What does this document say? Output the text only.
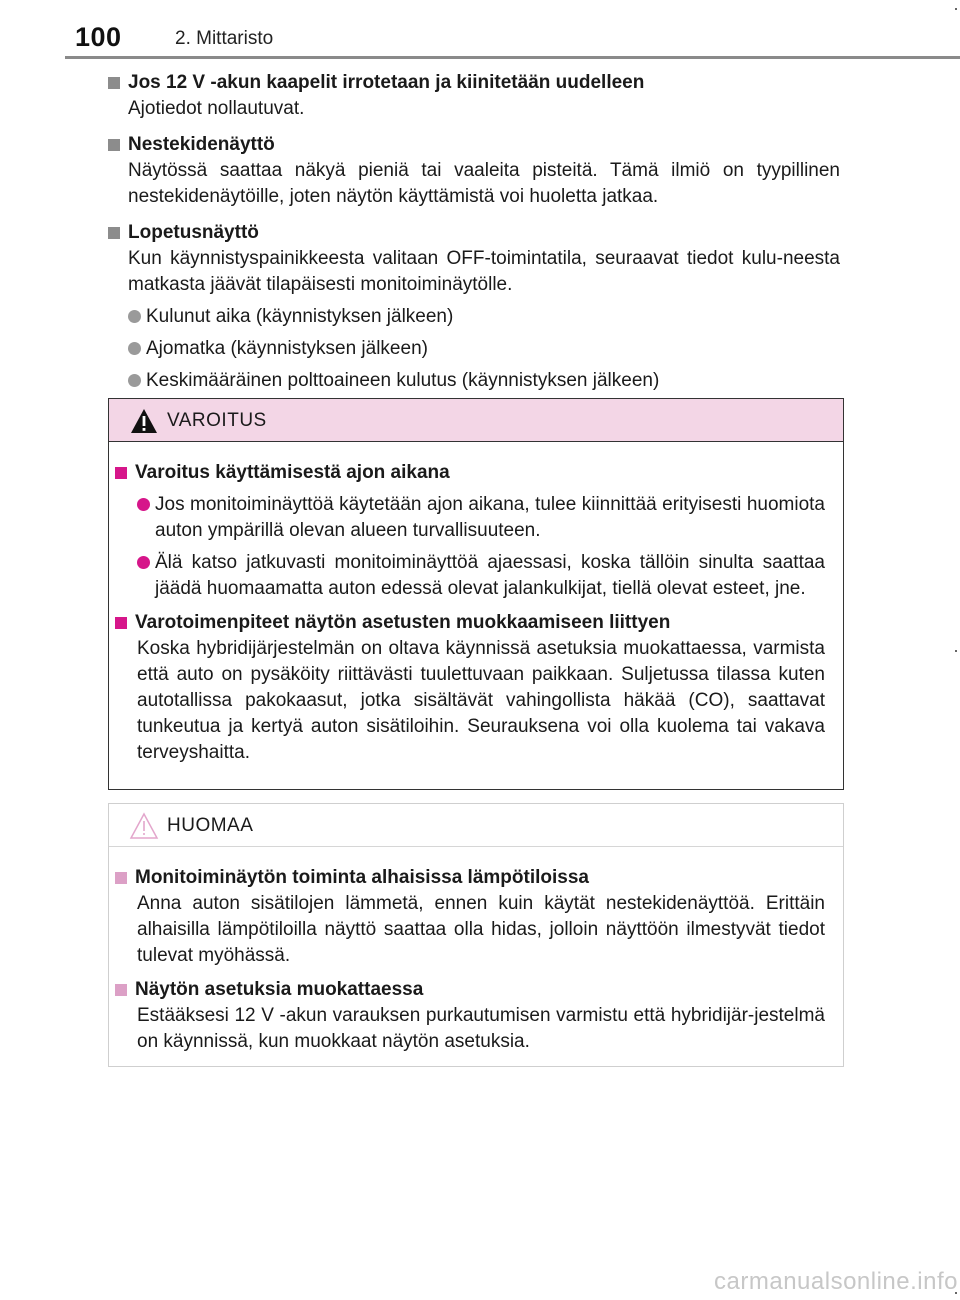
100	2. Mittaristo
Jos 12 V -akun kaapelit irrotetaan ja kiinitetään uudelleen
Ajotiedot nollautuvat.
Nestekidenäyttö
Näytössä saattaa näkyä pieniä tai vaaleita pisteitä. Tämä ilmiö on tyypillinen nestekidenäytöille, joten näytön käyttämistä voi huoletta jatkaa.
Lopetusnäyttö
Kun käynnistyspainikkeesta valitaan OFF-toimintatila, seuraavat tiedot kulu-neesta matkasta jäävät tilapäisesti monitoiminäytölle.
Kulunut aika (käynnistyksen jälkeen)
Ajomatka (käynnistyksen jälkeen)
Keskimääräinen polttoaineen kulutus (käynnistyksen jälkeen)
VAROITUS
Varoitus käyttämisestä ajon aikana
Jos monitoiminäyttöä käytetään ajon aikana, tulee kiinnittää erityisesti huomiota auton ympärillä olevan alueen turvallisuuteen.
Älä katso jatkuvasti monitoiminäyttöä ajaessasi, koska tällöin sinulta saattaa jäädä huomaamatta auton edessä olevat jalankulkijat, tiellä olevat esteet, jne.
Varotoimenpiteet näytön asetusten muokkaamiseen liittyen
Koska hybridijärjestelmän on oltava käynnissä asetuksia muokattaessa, varmista että auto on pysäköity riittävästi tuulettuvaan paikkaan. Suljetussa tilassa kuten autotallissa pakokaasut, jotka sisältävät vahingollista häkää (CO), saattavat tunkeutua ja kertyä auton sisätiloihin. Seurauksena voi olla kuolema tai vakava terveyshaitta.
HUOMAA
Monitoiminäytön toiminta alhaisissa lämpötiloissa
Anna auton sisätilojen lämmetä, ennen kuin käytät nestekidenäyttöä. Erittäin alhaisilla lämpötiloilla näyttö saattaa olla hidas, jolloin näyttöön ilmestyvät tiedot tulevat myöhässä.
Näytön asetuksia muokattaessa
Estääksesi 12 V -akun varauksen purkautumisen varmistu että hybridijär-jestelmä on käynnissä, kun muokkaat näytön asetuksia.
carmanualsonline.info
